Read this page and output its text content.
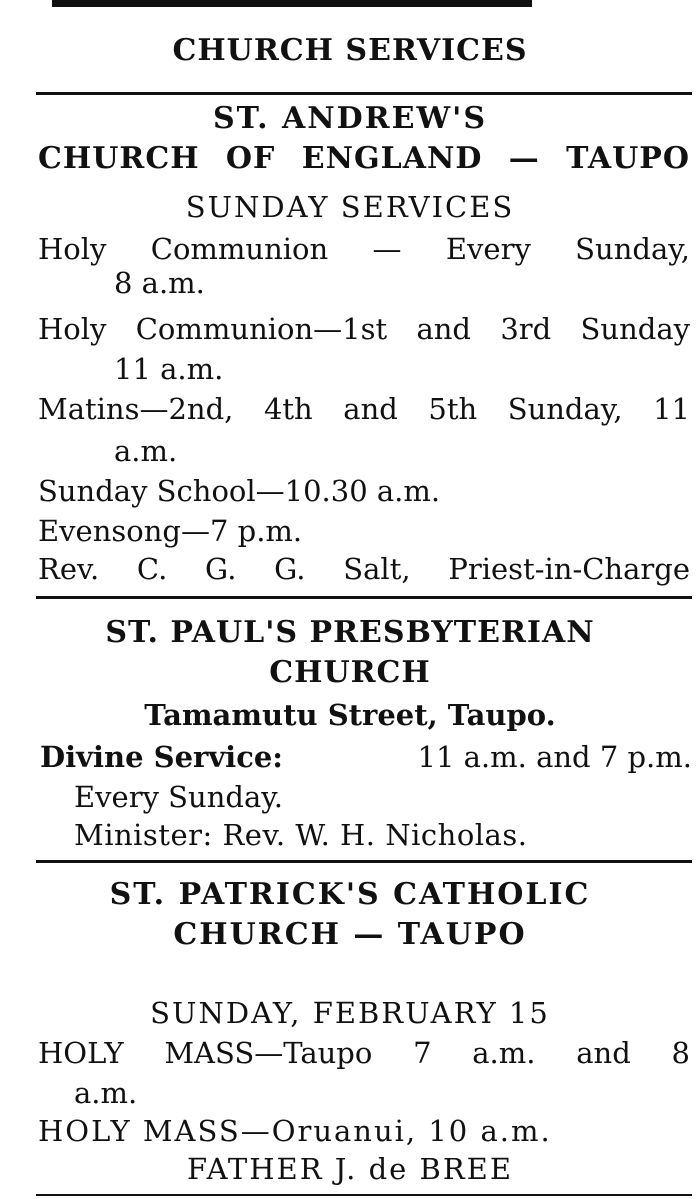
CHURCH SERVICES
ST. ANDREW'S
CHURCH OF ENGLAND — TAUPO
SUNDAY SERVICES
Holy Communion — Every Sunday,
8 a.m.
Holy Communion—1st and 3rd Sunday
11 a.m.
Matins—2nd, 4th and 5th Sunday, 11
a.m.
Sunday School—10.30 a.m.
Evensong—7 p.m.
Rev. C. G. G. Salt, Priest-in-Charge
ST. PAUL'S PRESBYTERIAN
CHURCH
Tamamutu Street, Taupo.
Divine Service:	11 a.m. and 7 p.m.
Every Sunday.
Minister: Rev. W. H. Nicholas.
ST. PATRICK'S CATHOLIC
CHURCH — TAUPO
SUNDAY, FEBRUARY 15
HOLY MASS—Taupo 7 a.m. and 8
a.m.
HOLY MASS—Oruanui, 10 a.m.
FATHER J. de BREE
